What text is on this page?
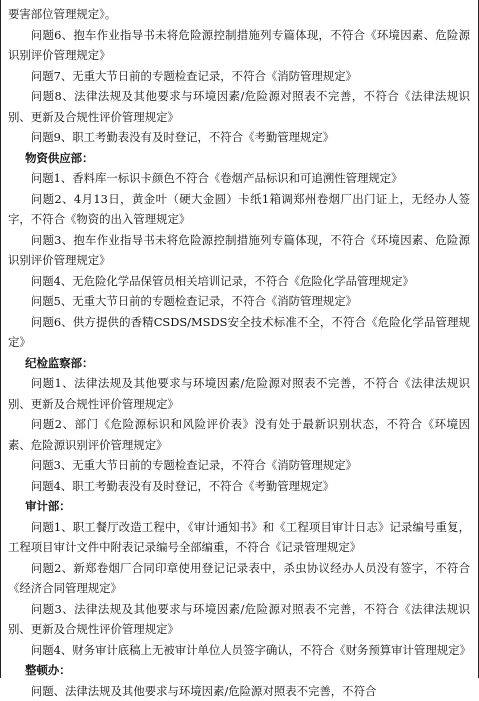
要害部位管理规定》。

问题6、抱车作业指导书未将危险源控制措施列专篇体现，不符合《环境因素、危险源识别评价管理规定》

问题7、无重大节日前的专题检查记录，不符合《消防管理规定》

问题8、法律法规及其他要求与环境因素/危险源对照表不完善，不符合《法律法规识别、更新及合规性评价管理规定》

问题9、职工考勤表没有及时登记，不符合《考勤管理规定》

物资供应部：

问题1、香料库一标识卡颜色不符合《卷烟产品标识和可追溯性管理规定》

问题2、4月13日，黄金叶（硬大金圆）卡纸1箱调郑州卷烟厂出门证上，无经办人签字，不符合《物资的出入管理规定》

问题3、抱车作业指导书未将危险源控制措施列专篇体现，不符合《环境因素、危险源识别评价管理规定》

问题4、无危险化学品保管员相关培训记录，不符合《危险化学品管理规定》

问题5、无重大节日前的专题检查记录，不符合《消防管理规定》

问题6、供方提供的香精CSDS/MSDS安全技术标准不全，不符合《危险化学品管理规定》

纪检监察部：

问题1、法律法规及其他要求与环境因素/危险源对照表不完善，不符合《法律法规识别、更新及合规性评价管理规定》

问题2、部门《危险源标识和风险评价表》没有处于最新识别状态，不符合《环境因素、危险源识别评价管理规定》

问题3、无重大节日前的专题检查记录，不符合《消防管理规定》

问题4、职工考勤表没有及时登记，不符合《考勤管理规定》

审计部：

问题1、职工餐厅改造工程中，《审计通知书》和《工程项目审计日志》记录编号重复，工程项目审计文件中附表记录编号全部编重，不符合《记录管理规定》

问题2、新郑卷烟厂合同印章使用登记记录表中，杀虫协议经办人员没有签字，不符合《经济合同管理规定》

问题3、法律法规及其他要求与环境因素/危险源对照表不完善，不符合《法律法规识别、更新及合规性评价管理规定》

问题4、财务审计底稿上无被审计单位人员签字确认，不符合《财务预算审计管理规定》

整顿办：

问题、法律法规及其他要求与环境因素/危险源对照表不完善，不符合
